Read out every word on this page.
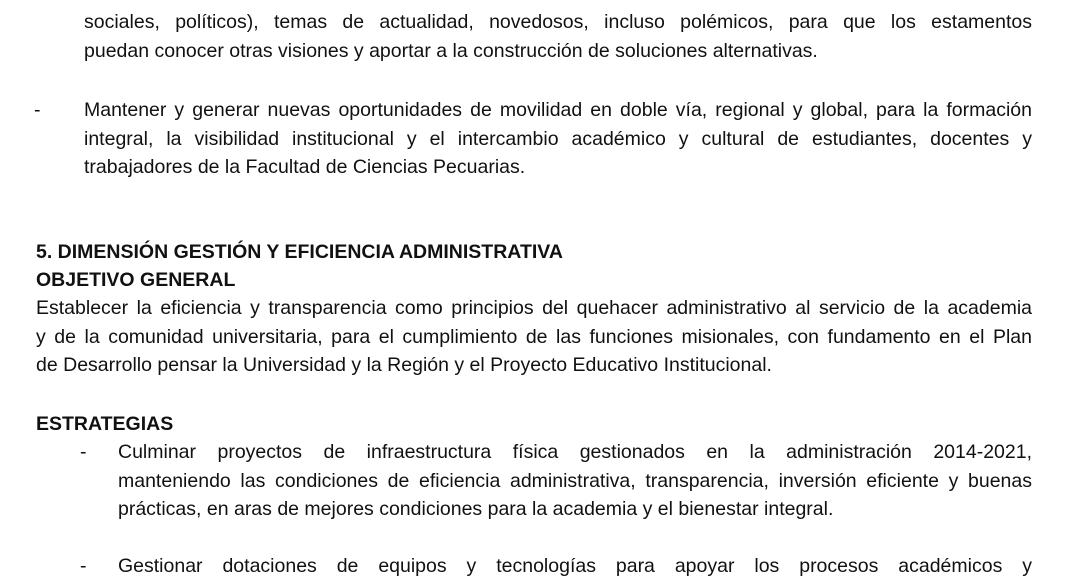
sociales, políticos), temas de actualidad, novedosos, incluso polémicos, para que los estamentos
puedan conocer otras visiones y aportar a la construcción de soluciones alternativas.
-	Mantener y generar nuevas oportunidades de movilidad en doble vía, regional y global, para la formación
integral, la visibilidad institucional y el intercambio académico y cultural de estudiantes, docentes y
trabajadores de la Facultad de Ciencias Pecuarias.
5. DIMENSIÓN GESTIÓN Y EFICIENCIA ADMINISTRATIVA
OBJETIVO GENERAL
Establecer la eficiencia y transparencia como principios del quehacer administrativo al servicio de la academia
y de la comunidad universitaria, para el cumplimiento de las funciones misionales, con fundamento en el Plan
de Desarrollo pensar la Universidad y la Región y el Proyecto Educativo Institucional.
ESTRATEGIAS
-	Culminar proyectos de infraestructura física gestionados en la administración 2014-2021,
manteniendo las condiciones de eficiencia administrativa, transparencia, inversión eficiente y buenas
prácticas, en aras de mejores condiciones para la academia y el bienestar integral.
-	Gestionar dotaciones de equipos y tecnologías para apoyar los procesos académicos y
